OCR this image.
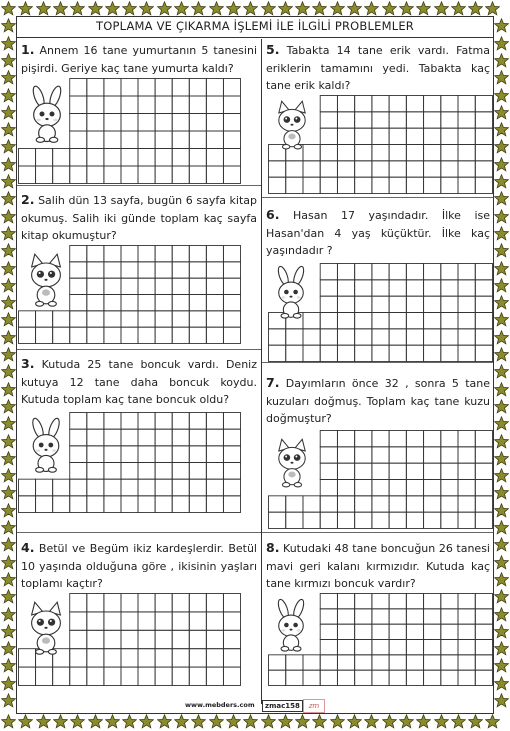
TOPLAMA VE ÇIKARMA İŞLEMİ İLE İLGİLİ PROBLEMLER
1. Annem 16 tane yumurtanın 5 tanesini pişirdi. Geriye kaç tane yumurta kaldı?
2. Salih dün 13 sayfa, bugün 6 sayfa kitap okumuş. Salih iki günde toplam kaç sayfa kitap okumuştur?
3. Kutuda 25 tane boncuk vardı. Deniz kutuya 12 tane daha boncuk koydu. Kutuda toplam kaç tane boncuk oldu?
4. Betül ve Begüm ikiz kardeşlerdir. Betül 10 yaşında olduğuna göre , ikisinin yaşları toplamı kaçtır?
5. Tabakta 14 tane erik vardı. Fatma eriklerin tamamını yedi. Tabakta kaç tane erik kaldı?
6. Hasan 17 yaşındadır. İlke ise Hasan'dan 4 yaş küçüktür. İlke kaç yaşındadır ?
7. Dayımların önce 32 , sonra 5 tane kuzuları doğmuş. Toplam kaç tane kuzu doğmuştur?
8. Kutudaki 48 tane boncuğun 26 tanesi mavi geri kalanı kırmızıdır. Kutuda kaç tane kırmızı boncuk vardır?
www.mebders.com	zmac158	zm
